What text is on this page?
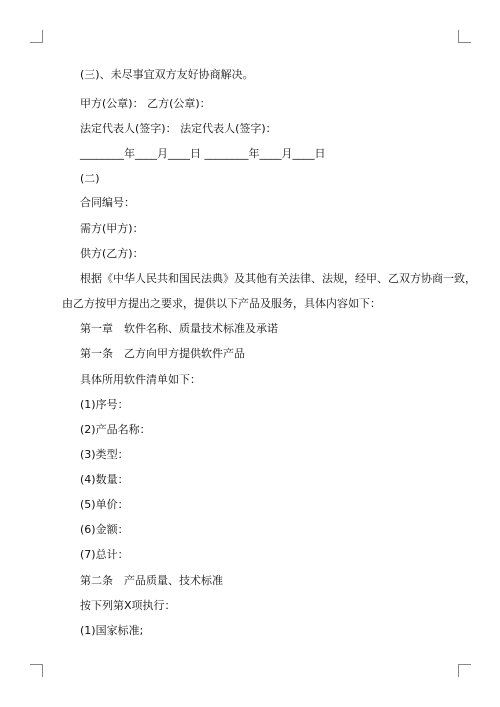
(三)、未尽事宜双方友好协商解决。
甲方(公章)： 乙方(公章)：
法定代表人(签字)： 法定代表人(签字)：
________年____月____日 ________年____月____日
(二)
合同编号：
需方(甲方)：
供方(乙方)：
根据《中华人民共和国民法典》及其他有关法律、法规，经甲、乙双方协商一致，
由乙方按甲方提出之要求，提供以下产品及服务，具体内容如下：
第一章　软件名称、质量技术标准及承诺
第一条　乙方向甲方提供软件产品
具体所用软件清单如下：
(1)序号：
(2)产品名称：
(3)类型：
(4)数量：
(5)单价：
(6)金额：
(7)总计：
第二条　产品质量、技术标准
按下列第X项执行：
(1)国家标准;
